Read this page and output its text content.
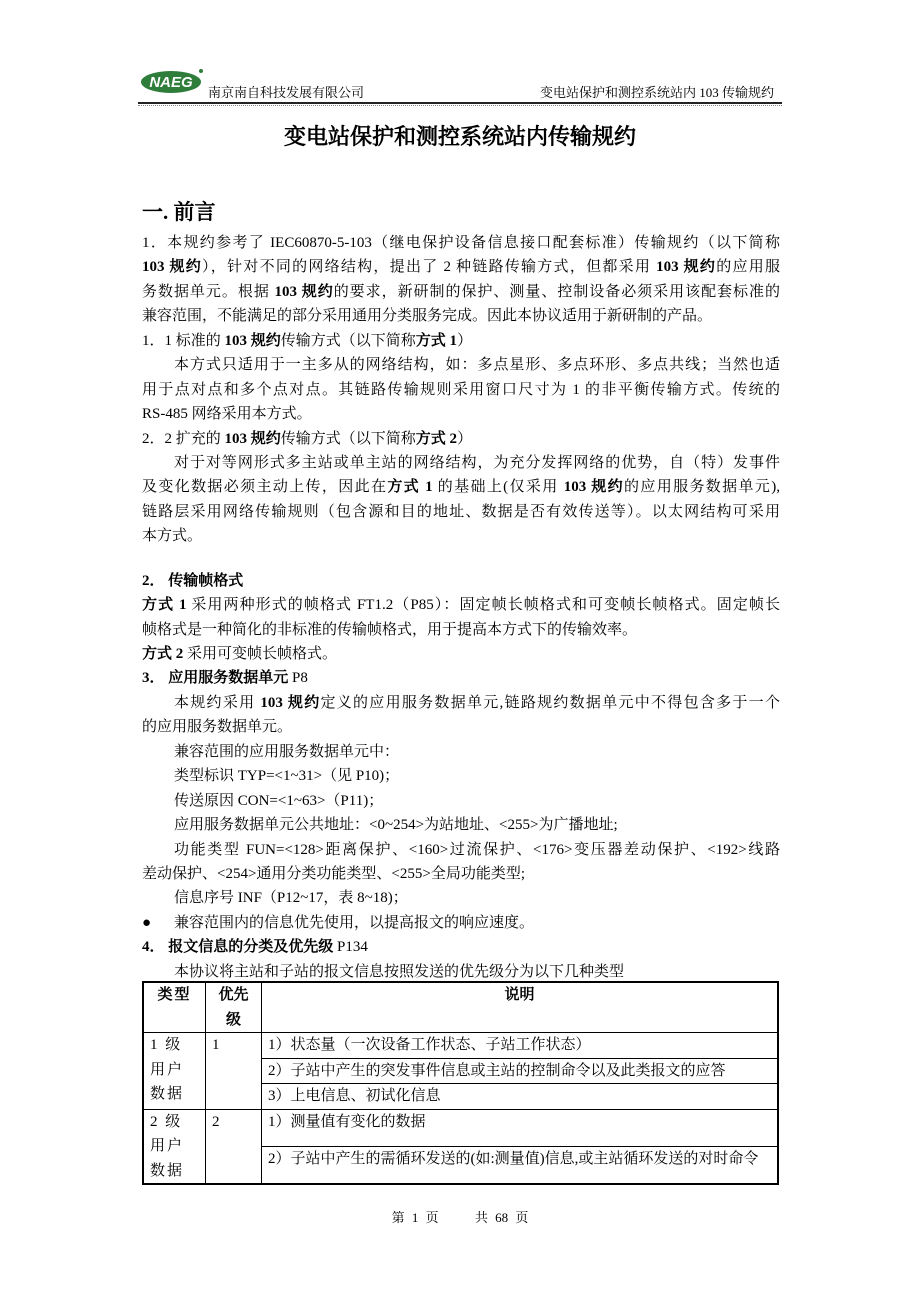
NAEG
南京南自科技发展有限公司	变电站保护和测控系统站内 103 传输规约
变电站保护和测控系统站内传输规约
一. 前言
1．本规约参考了 IEC60870-5-103（继电保护设备信息接口配套标准）传输规约（以下简称
103 规约），针对不同的网络结构，提出了 2 种链路传输方式，但都采用 103 规约的应用服
务数据单元。根据 103 规约的要求，新研制的保护、测量、控制设备必须采用该配套标准的
兼容范围，不能满足的部分采用通用分类服务完成。因此本协议适用于新研制的产品。
1．1 标准的 103 规约传输方式（以下简称方式 1）
本方式只适用于一主多从的网络结构，如：多点星形、多点环形、多点共线；当然也适
用于点对点和多个点对点。其链路传输规则采用窗口尺寸为 1 的非平衡传输方式。传统的
RS-485 网络采用本方式。
2．2 扩充的 103 规约传输方式（以下简称方式 2）
对于对等网形式多主站或单主站的网络结构，为充分发挥网络的优势，自（特）发事件
及变化数据必须主动上传，因此在方式 1 的基础上(仅采用 103 规约的应用服务数据单元),
链路层采用网络传输规则（包含源和目的地址、数据是否有效传送等）。以太网结构可采用
本方式。
2． 传输帧格式
方式 1 采用两种形式的帧格式 FT1.2（P85）：固定帧长帧格式和可变帧长帧格式。固定帧长
帧格式是一种简化的非标准的传输帧格式，用于提高本方式下的传输效率。
方式 2 采用可变帧长帧格式。
3． 应用服务数据单元 P8
本规约采用 103 规约定义的应用服务数据单元,链路规约数据单元中不得包含多于一个
的应用服务数据单元。
兼容范围的应用服务数据单元中：
类型标识 TYP=<1~31>（见 P10)；
传送原因 CON=<1~63>（P11)；
应用服务数据单元公共地址：<0~254>为站地址、<255>为广播地址;
功能类型 FUN=<128>距离保护、<160>过流保护、<176>变压器差动保护、<192>线路
差动保护、<254>通用分类功能类型、<255>全局功能类型;
信息序号 INF（P12~17，表 8~18)；
● 兼容范围内的信息优先使用，以提高报文的响应速度。
4． 报文信息的分类及优先级 P134
本协议将主站和子站的报文信息按照发送的优先级分为以下几种类型
类型	优先级	说明
1 级用户数据	1	1）状态量（一次设备工作状态、子站工作状态）
		2）子站中产生的突发事件信息或主站的控制命令以及此类报文的应答
		3）上电信息、初试化信息
2 级用户数据	2	1）测量值有变化的数据
		2）子站中产生的需循环发送的(如:测量值)信息,或主站循环发送的对时命令
第 1 页	共 68 页
